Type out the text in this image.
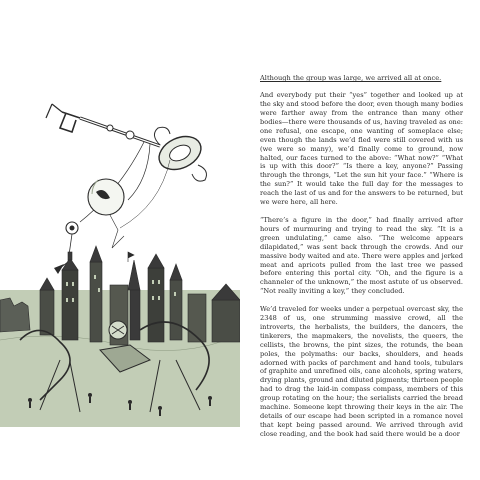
Although the group was large, we arrived all at once.

And everybody put their “yes” together and looked up at the sky and stood before the door, even though many bodies were farther away from the entrance than many other bodies—there were thousands of us, having traveled as one: one refusal, one escape, one wanting of someplace else; even though the lands we’d fled were still covered with us (we were so many), we’d finally come to ground, now halted, our faces turned to the above: “What now?” “What is up with this door?” “Is there a key, anyone?” Passing through the throngs, “Let the sun hit your face.” “Where is the sun?” It would take the full day for the messages to reach the last of us and for the answers to be returned, but we were here, all here.

“There’s a figure in the door,” had finally arrived after hours of murmuring and trying to read the sky. “It is a green undulating,” came also. “The welcome appears dilapidated,” was sent back through the crowds. And our massive body waited and ate. There were apples and jerked meat and apricots pulled from the last tree we passed before entering this portal city. “Oh, and the figure is a channeler of the unknown,” the most astute of us observed. “Not really inviting a key,” they concluded.

We’d traveled for weeks under a perpetual overcast sky, the 2348 of us, one strumming massive crowd, all the introverts, the herbalists, the builders, the dancers, the tinkerers, the mapmakers, the novelists, the queers, the cellists, the browns, the pint sizes, the rotunds, the bean poles, the polymaths: our backs, shoulders, and heads adorned with packs of parchment and hand tools, tubulars of graphite and unrefined oils, cane alcohols, spring waters, drying plants, ground and diluted pigments; thirteen people had to drag the laid-in compass compass, members of this group rotating on the hour; the serialists carried the bread machine. Someone kept throwing their keys in the air. The details of our escape had been scripted in a romance novel that kept being passed around. We arrived through avid close reading, and the book had said there would be a door
